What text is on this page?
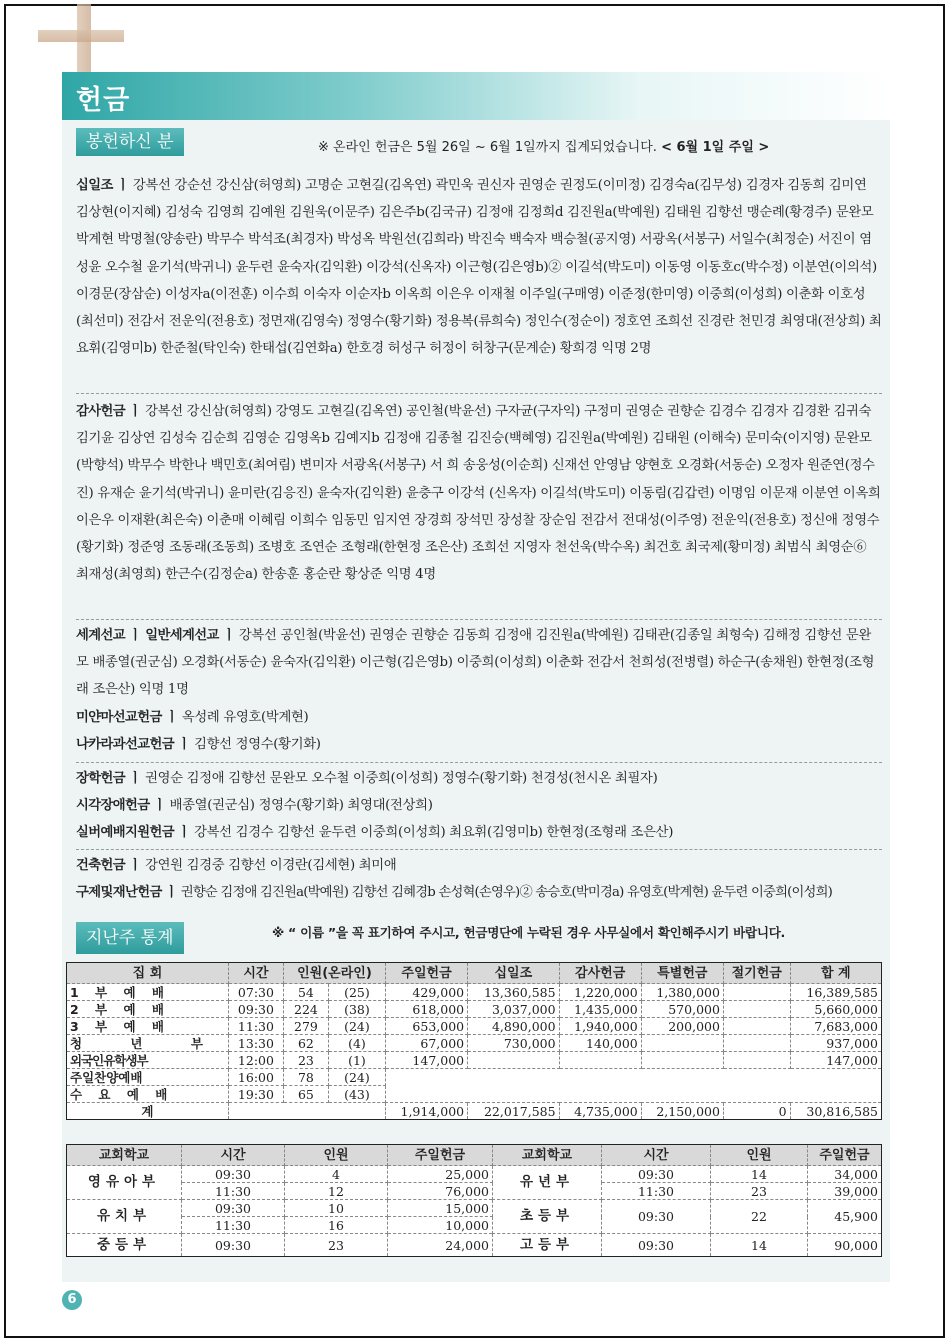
헌금
봉헌하신 분	※ 온라인 헌금은 5월 26일 ~ 6월 1일까지 집계되었습니다. < 6월 1일 주일 >

십일조 ㅣ 강복선 강순선 강신삼(허영희) 고명순 고현길(김옥연) 곽민욱 권신자 권영순 권정도(이미정) 김경숙a(김무성) 김경자 김동희 김미연 김상현(이지혜) 김성숙 김영희 김예원 김원욱(이문주) 김은주b(김국규) 김정애 김정희d 김진원a(박예원) 김태원 김향선 맹순례(황경주) 문완모 박계현 박명철(양송란) 박무수 박석조(최경자) 박성옥 박원선(김희라) 박진숙 백숙자 백승철(공지영) 서광옥(서봉구) 서일수(최정순) 서진이 염성윤 오수철 윤기석(박귀니) 윤두련 윤숙자(김익환) 이강석(신옥자) 이근형(김은영b)② 이길석(박도미) 이동영 이동호c(박수정) 이분연(이의석) 이경문(장삼순) 이성자a(이전훈) 이수희 이숙자 이순자b 이옥희 이은우 이재철 이주일(구매영) 이준정(한미영) 이중희(이성희) 이춘화 이호성(최선미) 전감서 전운익(전용호) 정면재(김영숙) 정영수(황기화) 정용복(류희숙) 정인수(정순이) 정호연 조희선 진경란 천민경 최영대(전상희) 최요휘(김영미b) 한준철(탁인숙) 한태섭(김연화a) 한호경 허성구 허정이 허창구(문계순) 황희경 익명 2명

감사헌금 ㅣ 강복선 강신삼(허영희) 강영도 고현길(김옥연) 공인철(박윤선) 구자균(구자익) 구정미 권영순 권향순 김경수 김경자 김경환 김귀숙 김기윤 김상연 김성숙 김순희 김영순 김영옥b 김예지b 김정애 김종철 김진승(백혜영) 김진원a(박예원) 김태원 (이해숙) 문미숙(이지영) 문완모(박향석) 박무수 박한나 백민호(최여림) 변미자 서광옥(서봉구) 서 희 송웅성(이순희) 신재선 안영남 양현호 오경화(서동순) 오정자 원준연(정수진) 유재순 윤기석(박귀니) 윤미란(김응진) 윤숙자(김익환) 윤충구 이강석 (신옥자) 이길석(박도미) 이동림(김갑련) 이명임 이문재 이분연 이옥희 이은우 이재환(최은숙) 이춘매 이혜림 이희수 임동민 임지연 장경희 장석민 장성찰 장순임 전감서 전대성(이주영) 전운익(전용호) 정신애 정영수(황기화) 정준영 조동래(조동희) 조병호 조연순 조형래(한현정 조은산) 조희선 지영자 천선욱(박수옥) 최건호 최국제(황미정) 최범식 최영순⑥ 최재성(최영희) 한근수(김정순a) 한송훈 홍순란 황상준 익명 4명

세계선교 ㅣ 일반세계선교 ㅣ 강복선 공인철(박윤선) 권영순 권향순 김동희 김정애 김진원a(박예원) 김태관(김종일 최형숙) 김해정 김향선 문완모 배종열(권군심) 오경화(서동순) 윤숙자(김익환) 이근형(김은영b) 이중희(이성희) 이춘화 전감서 천희성(전병렬) 하순구(송채원) 한현정(조형래 조은산) 익명 1명

미얀마선교헌금 ㅣ 옥성례 유영호(박계현)

나카라과선교헌금 ㅣ 김향선 정영수(황기화)

장학헌금 ㅣ 권영순 김정애 김향선 문완모 오수철 이중희(이성희) 정영수(황기화) 천경성(천시온 최필자)

시각장애헌금 ㅣ 배종열(권군심) 정영수(황기화) 최영대(전상희)

실버예배지원헌금 ㅣ 강복선 김경수 김향선 윤두련 이중희(이성희) 최요휘(김영미b) 한현정(조형래 조은산)

건축헌금 ㅣ 강연원 김경중 김향선 이경란(김세현) 최미애

구제및재난헌금 ㅣ 권향순 김정애 김진원a(박예원) 김향선 김혜경b 손성혁(손영우)② 송승호(박미경a) 유영호(박계현) 윤두련 이중희(이성희)

지난주 통계	※ “ 이름 ”을 꼭 표기하여 주시고, 헌금명단에 누락된 경우 사무실에서 확인해주시기 바랍니다.
집 회	시간	인원(온라인)		주일헌금	십일조	감사헌금	특별헌금	절기헌금	합 계
1 부 예 배	07:30	54	(25)	429,000	13,360,585	1,220,000	1,380,000		16,389,585
2 부 예 배	09:30	224	(38)	618,000	3,037,000	1,435,000	570,000		5,660,000
3 부 예 배	11:30	279	(24)	653,000	4,890,000	1,940,000	200,000		7,683,000
청 년 부	13:30	62	(4)	67,000	730,000	140,000			937,000
외국인유학생부	12:00	23	(1)	147,000					147,000
주일찬양예배	16:00	78	(24)						
수 요 예 배	19:30	65	(43)						
계				1,914,000	22,017,585	4,735,000	2,150,000	0	30,816,585
교회학교	시간	인원	주일헌금	교회학교	시간	인원	주일헌금
영유아부	09:30	4	25,000	유년부	09:30	14	34,000
	11:30	12	76,000		11:30	23	39,000
유치부	09:30	10	15,000	초등부	09:30	22	45,900
	11:30	16	10,000				
중등부	09:30	23	24,000	고등부	09:30	14	90,000
6
